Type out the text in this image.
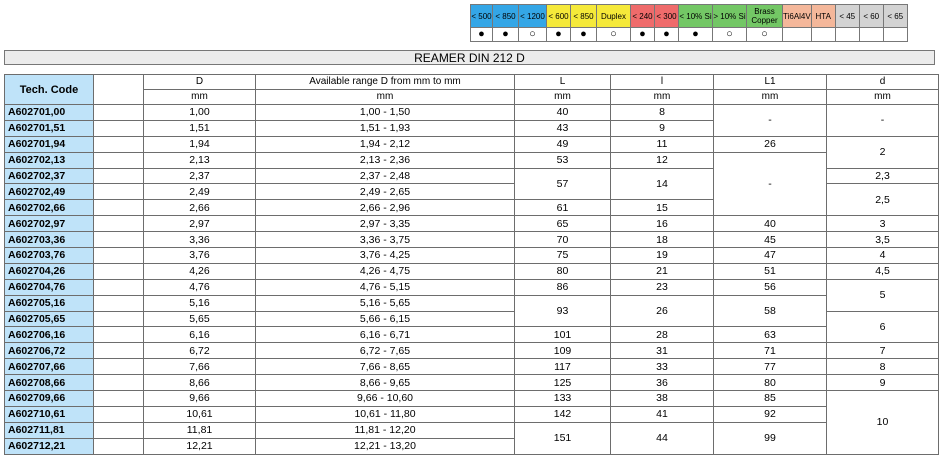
< 500	< 850	< 1200	< 600	< 850	Duplex	< 240	< 300	< 10% Si	> 10% Si	Brass Copper	Ti6Al4V	HTA	< 45	< 60	< 65
●	●	○	●	●	○	●	●	●	○	○					
REAMER DIN 212 D
Tech. Code		D	Available range D from mm to mm	L	l	L1	d
		mm	mm	mm	mm	mm	mm
A602701,00		1,00	1,00 - 1,50	40	8	-	-
A602701,51		1,51	1,51 - 1,93	43	9		
A602701,94		1,94	1,94 - 2,12	49	11	26	2
A602702,13		2,13	2,13 - 2,36	53	12	-	
A602702,37		2,37	2,37 - 2,48	57	14		2,3
A602702,49		2,49	2,49 - 2,65				2,5
A602702,66		2,66	2,66 - 2,96	61	15		
A602702,97		2,97	2,97 - 3,35	65	16	40	3
A602703,36		3,36	3,36 - 3,75	70	18	45	3,5
A602703,76		3,76	3,76 - 4,25	75	19	47	4
A602704,26		4,26	4,26 - 4,75	80	21	51	4,5
A602704,76		4,76	4,76 - 5,15	86	23	56	5
A602705,16		5,16	5,16 - 5,65	93	26	58	
A602705,65		5,65	5,66 - 6,15				6
A602706,16		6,16	6,16 - 6,71	101	28	63	
A602706,72		6,72	6,72 - 7,65	109	31	71	7
A602707,66		7,66	7,66 - 8,65	117	33	77	8
A602708,66		8,66	8,66 - 9,65	125	36	80	9
A602709,66		9,66	9,66 - 10,60	133	38	85	10
A602710,61		10,61	10,61 - 11,80	142	41	92	
A602711,81		11,81	11,81 - 12,20	151	44	99	
A602712,21		12,21	12,21 - 13,20				
